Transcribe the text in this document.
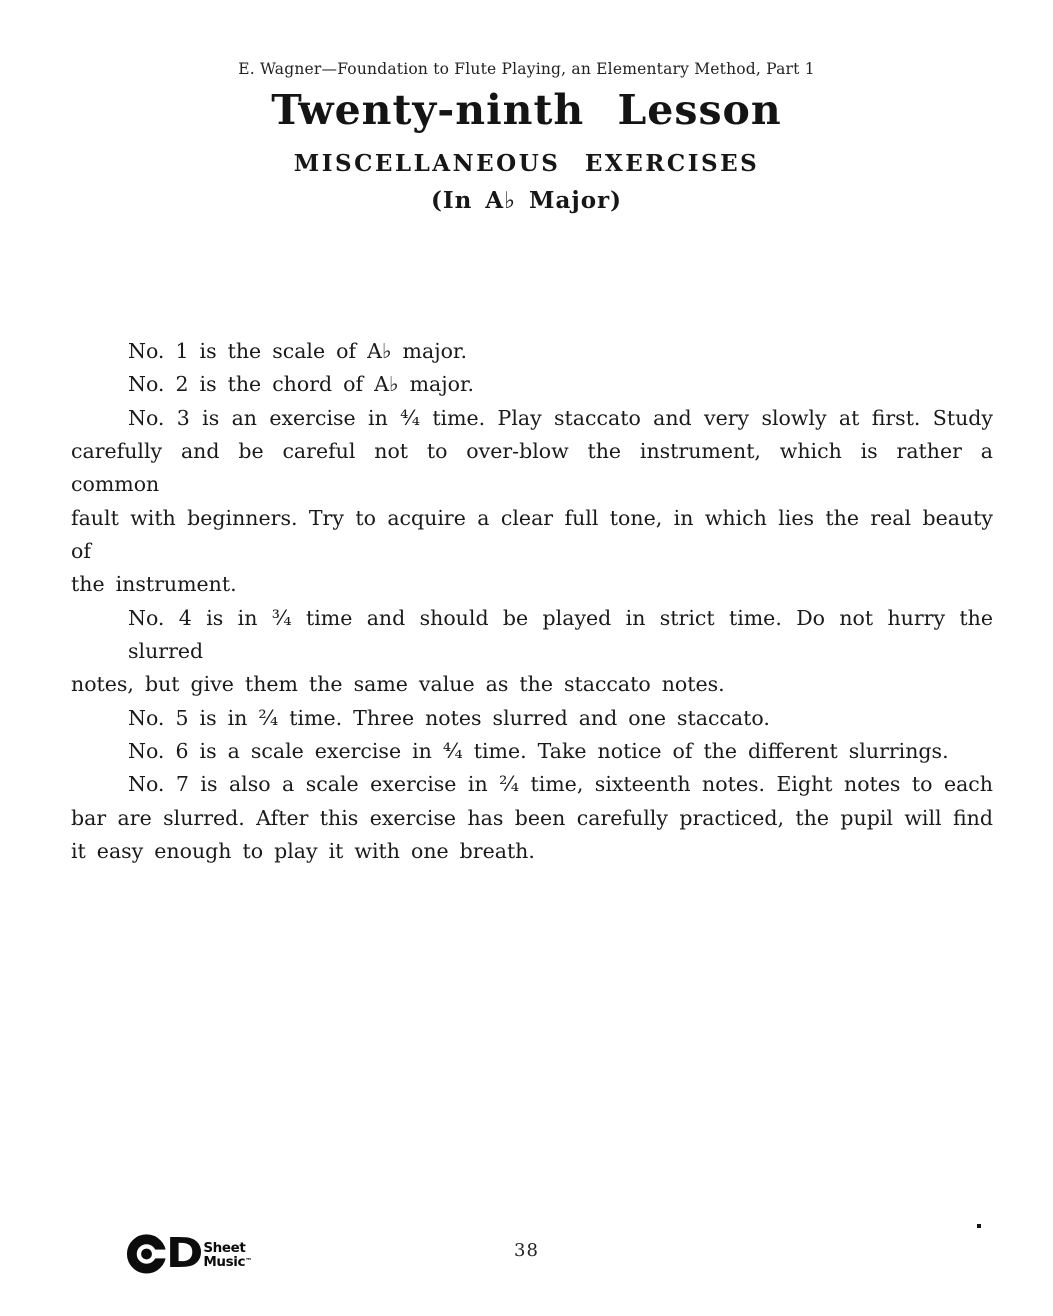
E. Wagner—Foundation to Flute Playing, an Elementary Method, Part 1
Twenty-ninth Lesson
MISCELLANEOUS EXERCISES
(In A♭ Major)
No. 1 is the scale of A♭ major.
No. 2 is the chord of A♭ major.
No. 3 is an exercise in ⁴⁄₄ time. Play staccato and very slowly at first. Study
carefully and be careful not to over-blow the instrument, which is rather a common
fault with beginners. Try to acquire a clear full tone, in which lies the real beauty of
the instrument.
No. 4 is in ³⁄₄ time and should be played in strict time. Do not hurry the slurred
notes, but give them the same value as the staccato notes.
No. 5 is in ²⁄₄ time. Three notes slurred and one staccato.
No. 6 is a scale exercise in ⁴⁄₄ time. Take notice of the different slurrings.
No. 7 is also a scale exercise in ²⁄₄ time, sixteenth notes. Eight notes to each
bar are slurred. After this exercise has been carefully practiced, the pupil will find
it easy enough to play it with one breath.
D Sheet
Music™	38
